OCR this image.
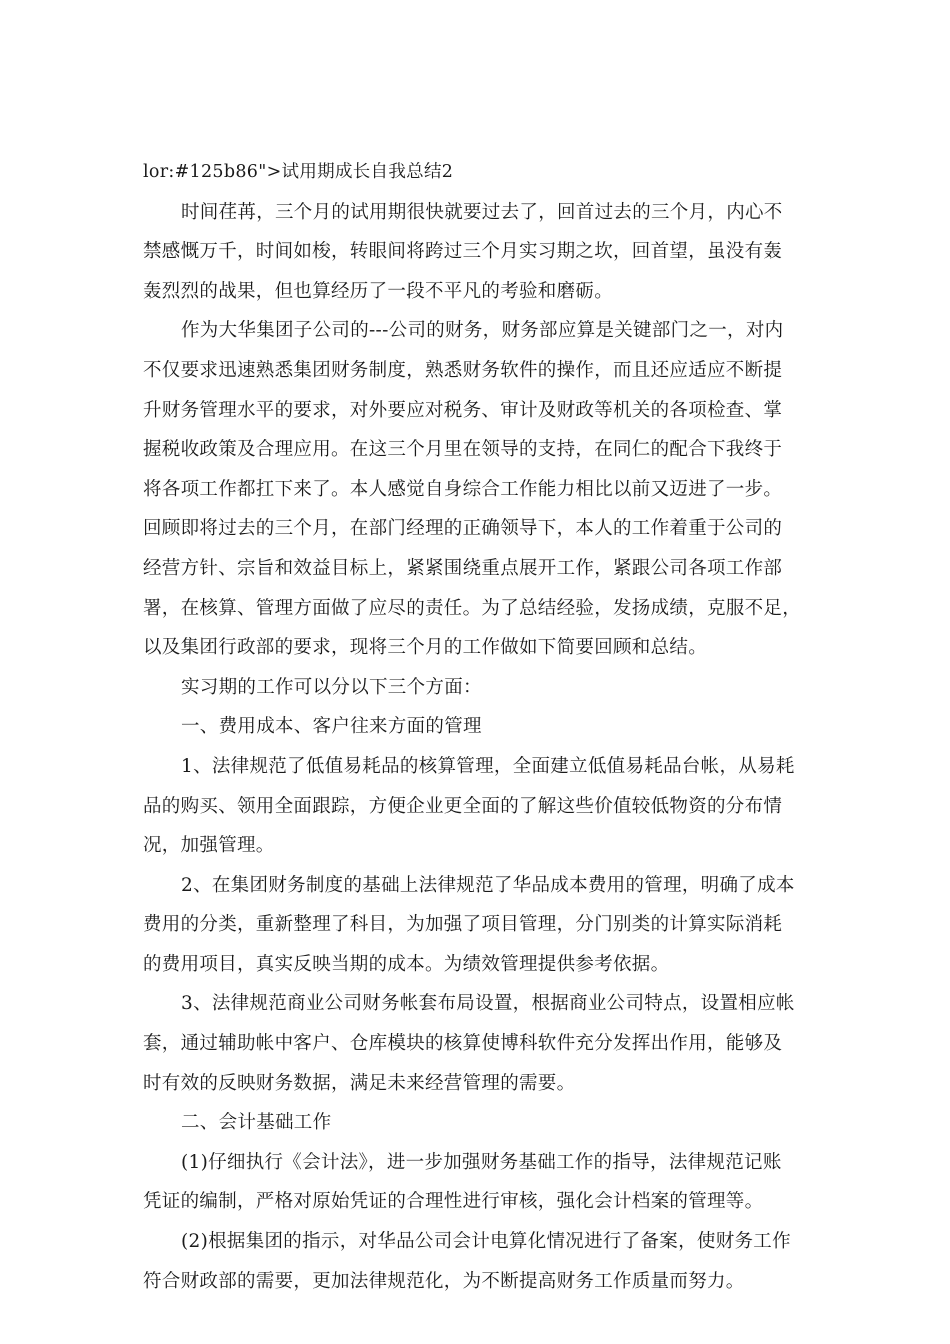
lor:#125b86">试用期成长自我总结2
时间荏苒，三个月的试用期很快就要过去了，回首过去的三个月，内心不
禁感慨万千，时间如梭，转眼间将跨过三个月实习期之坎，回首望，虽没有轰
轰烈烈的战果，但也算经历了一段不平凡的考验和磨砺。
作为大华集团子公司的---公司的财务，财务部应算是关键部门之一，对内
不仅要求迅速熟悉集团财务制度，熟悉财务软件的操作，而且还应适应不断提
升财务管理水平的要求，对外要应对税务、审计及财政等机关的各项检查、掌
握税收政策及合理应用。在这三个月里在领导的支持，在同仁的配合下我终于
将各项工作都扛下来了。本人感觉自身综合工作能力相比以前又迈进了一步。
回顾即将过去的三个月，在部门经理的正确领导下，本人的工作着重于公司的
经营方针、宗旨和效益目标上，紧紧围绕重点展开工作，紧跟公司各项工作部
署，在核算、管理方面做了应尽的责任。为了总结经验，发扬成绩，克服不足，
以及集团行政部的要求，现将三个月的工作做如下简要回顾和总结。
实习期的工作可以分以下三个方面：
一、费用成本、客户往来方面的管理
1、法律规范了低值易耗品的核算管理，全面建立低值易耗品台帐，从易耗
品的购买、领用全面跟踪，方便企业更全面的了解这些价值较低物资的分布情
况，加强管理。
2、在集团财务制度的基础上法律规范了华品成本费用的管理，明确了成本
费用的分类，重新整理了科目，为加强了项目管理，分门别类的计算实际消耗
的费用项目，真实反映当期的成本。为绩效管理提供参考依据。
3、法律规范商业公司财务帐套布局设置，根据商业公司特点，设置相应帐
套，通过辅助帐中客户、仓库模块的核算使博科软件充分发挥出作用，能够及
时有效的反映财务数据，满足未来经营管理的需要。
二、会计基础工作
(1)仔细执行《会计法》，进一步加强财务基础工作的指导，法律规范记账
凭证的编制，严格对原始凭证的合理性进行审核，强化会计档案的管理等。
(2)根据集团的指示，对华品公司会计电算化情况进行了备案，使财务工作
符合财政部的需要，更加法律规范化，为不断提高财务工作质量而努力。
